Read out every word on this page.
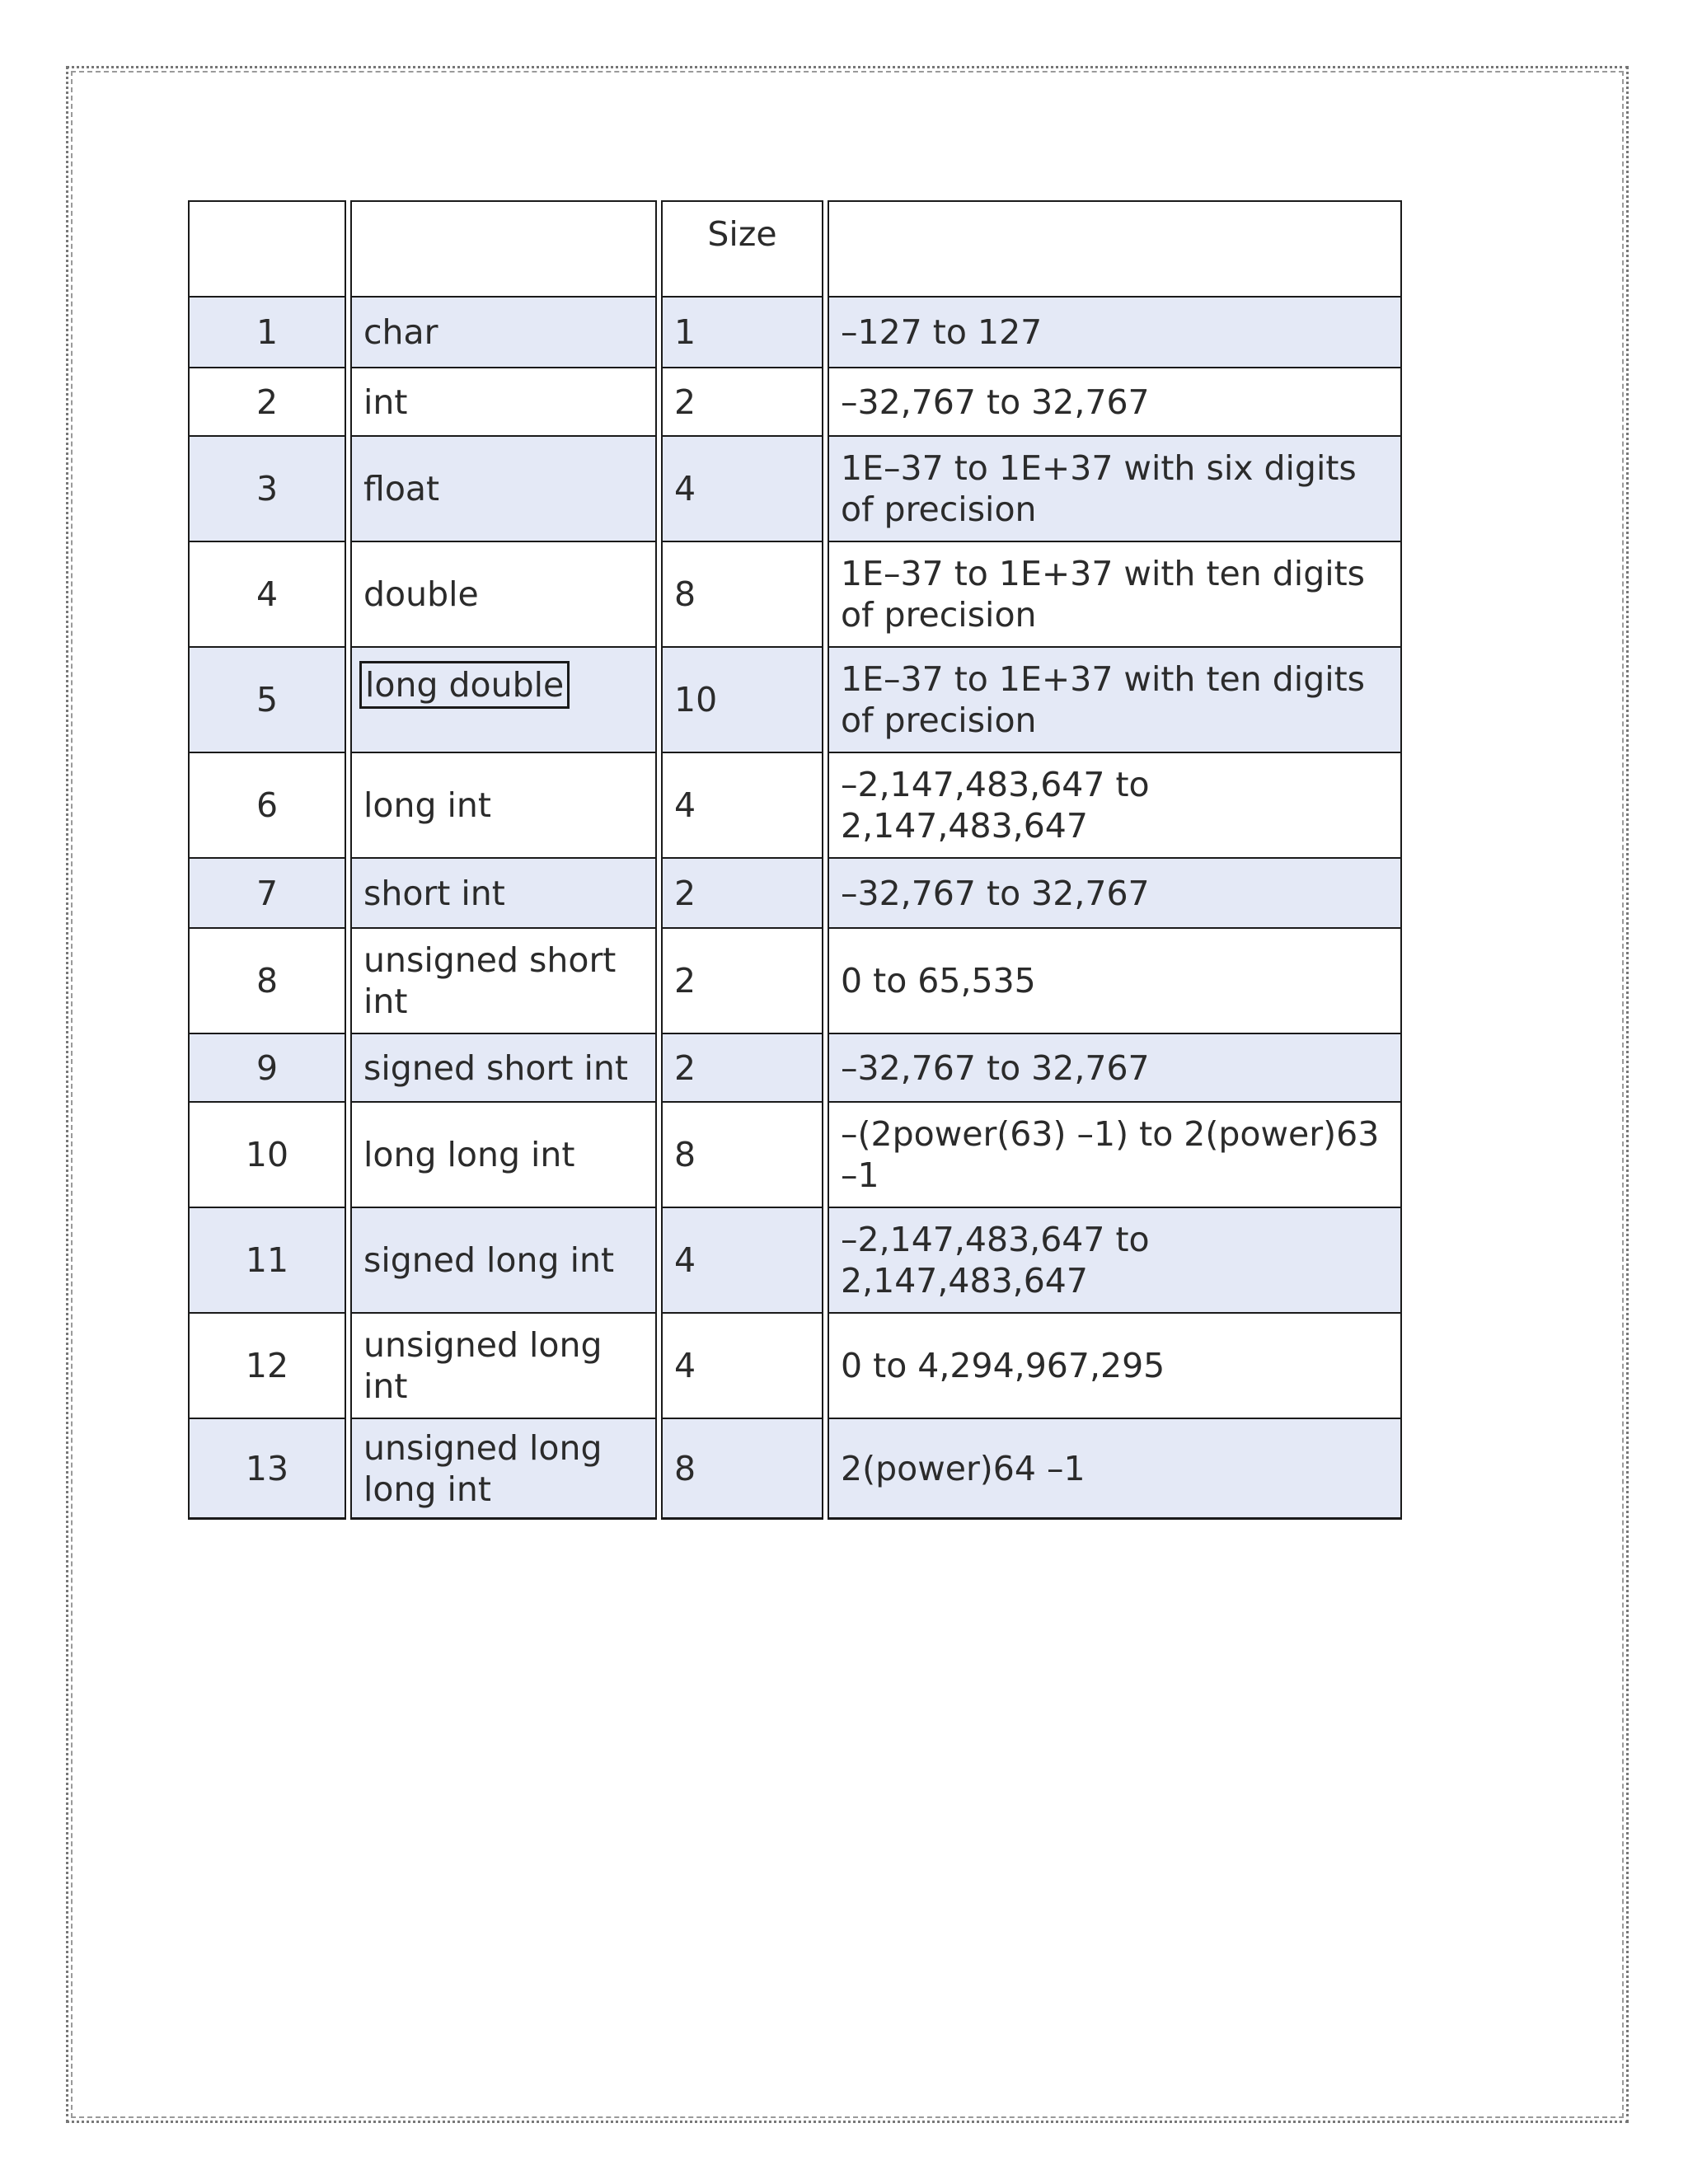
		Size	
1	char	1	–127 to 127
2	int	2	–32,767 to 32,767
3	float	4	1E–37 to 1E+37 with six digits of precision
4	double	8	1E–37 to 1E+37 with ten digits of precision
5	long double	10	1E–37 to 1E+37 with ten digits of precision
6	long int	4	–2,147,483,647 to 2,147,483,647
7	short int	2	–32,767 to 32,767
8	unsigned short int	2	0 to 65,535
9	signed short int	2	–32,767 to 32,767
10	long long int	8	–(2power(63) –1) to 2(power)63 –1
11	signed long int	4	–2,147,483,647 to 2,147,483,647
12	unsigned long int	4	0 to 4,294,967,295
13	unsigned long long int	8	2(power)64 –1
